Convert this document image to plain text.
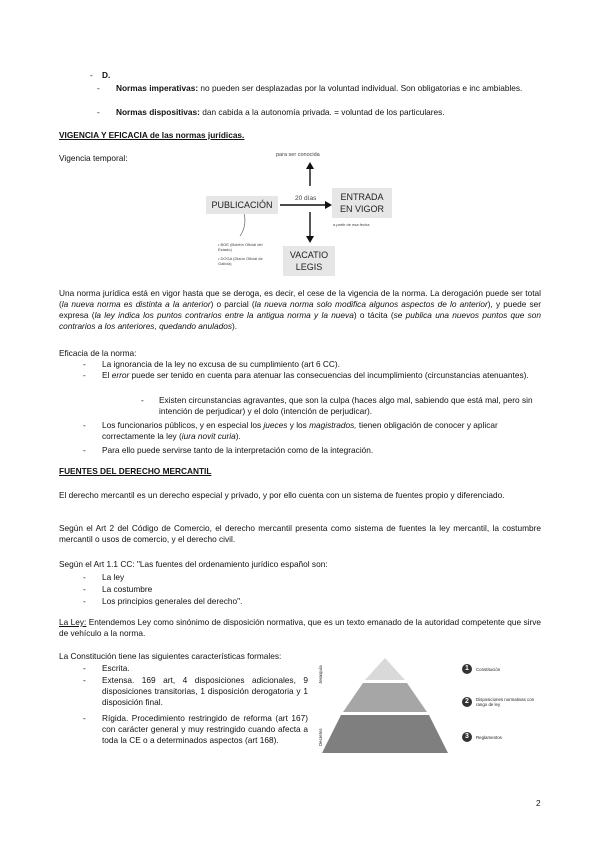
- D.
- Normas imperativas: no pueden ser desplazadas por la voluntad individual. Son obligatorias e inc ambiables.
- Normas dispositivas: dan cabida a la autonomía privada. = voluntad de los particulares.
VIGENCIA Y EFICACIA de las normas jurídicas.
Vigencia temporal:	para ser conocida
PUBLICACIÓN
20 días	ENTRADA
EN VIGOR
a partir de esa fecha
VACATIO
LEGIS
• BOE (Boletín Oficial del Estado)
• DOGA (Diario Oficial de Galicia)
Una norma jurídica está en vigor hasta que se deroga, es decir, el cese de la vigencia de la norma. La derogación puede ser total (la nueva norma es distinta a la anterior) o parcial (la nueva norma solo modifica algunos aspectos de lo anterior), y puede ser expresa (la ley indica los puntos contrarios entre la antigua norma y la nueva) o tácita (se publica una nuevos puntos que son contrarios a los anteriores, quedando anulados).
Eficacia de la norma:
- La ignorancia de la ley no excusa de su cumplimiento (art 6 CC).
- El error puede ser tenido en cuenta para atenuar las consecuencias del incumplimiento (circunstancias atenuantes).
- Existen circunstancias agravantes, que son la culpa (haces algo mal, sabiendo que está mal, pero sin intención de perjudicar) y el dolo (intención de perjudicar).
- Los funcionarios públicos, y en especial los jueces y los magistrados, tienen obligación de conocer y aplicar correctamente la ley (iura novit curia).
- Para ello puede servirse tanto de la interpretación como de la integración.
FUENTES DEL DERECHO MERCANTIL
El derecho mercantil es un derecho especial y privado, y por ello cuenta con un sistema de fuentes propio y diferenciado.
Según el Art 2 del Código de Comercio, el derecho mercantil presenta como sistema de fuentes la ley mercantil, la costumbre mercantil o usos de comercio, y el derecho civil.
Según el Art 1.1 CC: "Las fuentes del ordenamiento jurídico español son:
- La ley
- La costumbre
- Los principios generales del derecho".
La Ley: Entendemos Ley como sinónimo de disposición normativa, que es un texto emanado de la autoridad competente que sirve de vehículo a la norma.
La Constitución tiene las siguientes características formales:
- Escrita.
- Extensa. 169 art, 4 disposiciones adicionales, 9 disposiciones transitorias, 1 disposición derogatoria y 1 disposición final.
- Rígida. Procedimiento restringido de reforma (art 167) con carácter general y muy restringido cuando afecta a toda la CE o a determinados aspectos (art 168).
Jerarquía
Decretos
1	Constitución
2	Disposiciones normativas con rango de ley
3	Reglamentos
2
